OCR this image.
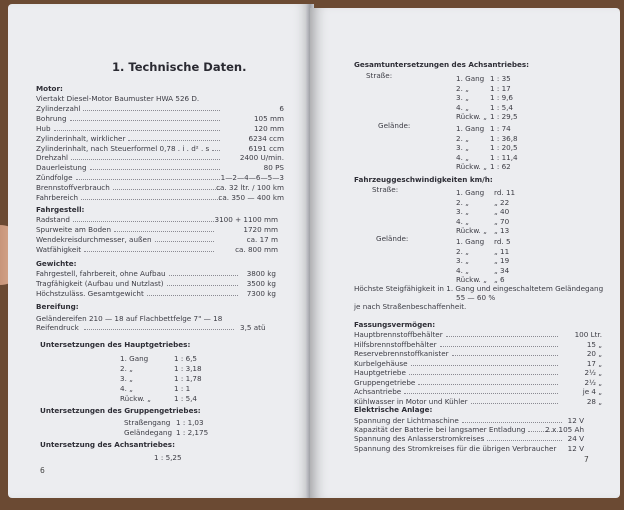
1. Technische Daten.
Motor:
Viertakt Diesel-Motor Baumuster HWA 526 D.
Zylinderzahl	6
Bohrung	105 mm
Hub	120 mm
Zylinderinhalt, wirklicher	6234 ccm
Zylinderinhalt, nach Steuerformel 0,78 . i . d² . s	6191 ccm
Drehzahl	2400 U/min.
Dauerleistung	80 PS
Zündfolge	1—2—4—6—5—3
Brennstoffverbrauch	ca. 32 ltr. / 100 km
Fahrbereich	ca. 350 — 400 km
Fahrgestell:
Radstand	3100 + 1100 mm
Spurweite am Boden	1720 mm
Wendekreisdurchmesser, außen	ca. 17 m
Watfähigkeit	ca. 800 mm
Gewichte:
Fahrgestell, fahrbereit, ohne Aufbau	3800 kg
Tragfähigkeit (Aufbau und Nutzlast)	3500 kg
Höchstzuläss. Gesamtgewicht	7300 kg
Bereifung:
Geländereifen 210 — 18 auf Flachbettfelge 7" — 18
Reifendruck	3,5 atü
Untersetzungen des Hauptgetriebes:
1. Gang	1 : 6,5
2. „	1 : 3,18
3. „	1 : 1,78
4. „	1 : 1
Rückw. „	1 : 5,4
Untersetzungen des Gruppengetriebes:
Straßengang 1 : 1,03
Geländegang 1 : 2,175
Untersetzung des Achsantriebes:
1 : 5,25
6
Gesamtuntersetzungen des Achsantriebes:
Straße:	1. Gang 1 : 35
2. „	1 : 17
3. „	1 : 9,6
4. „	1 : 5,4
Rückw. „ 1 : 29,5
Gelände:	1. Gang 1 : 74
2. „	1 : 36,8
3. „	1 : 20,5
4. „	1 : 11,4
Rückw. „ 1 : 62
Fahrzeuggeschwindigkeiten km/h:
Straße:	1. Gang rd. 11
2. „	„ 22
3. „	„ 40
4. „	„ 70
Rückw. „ „ 13
Gelände:	1. Gang rd. 5
2. „	„ 11
3. „	„ 19
4. „	„ 34
Rückw. „ „ 6
Höchste Steigfähigkeit in 1. Gang und eingeschaltetem Geländegang
55 — 60 %
je nach Straßenbeschaffenheit.
Fassungsvermögen:
Hauptbrennstoffbehälter	100 Ltr.
Hilfsbrennstoffbehälter	15 „
Reservebrennstoffkanister	20 „
Kurbelgehäuse	17 „
Hauptgetriebe	2½ „
Gruppengetriebe	2½ „
Achsantriebe	je 4 „
Kühlwasser in Motor und Kühler	28 „
Elektrische Anlage:
Spannung der Lichtmaschine	12 V
Kapazität der Batterie bei langsamer Entladung	2 x 105 Ah
Spannung des Anlasserstromkreises	24 V
Spannung des Stromkreises für die übrigen Verbraucher 12 V
7
